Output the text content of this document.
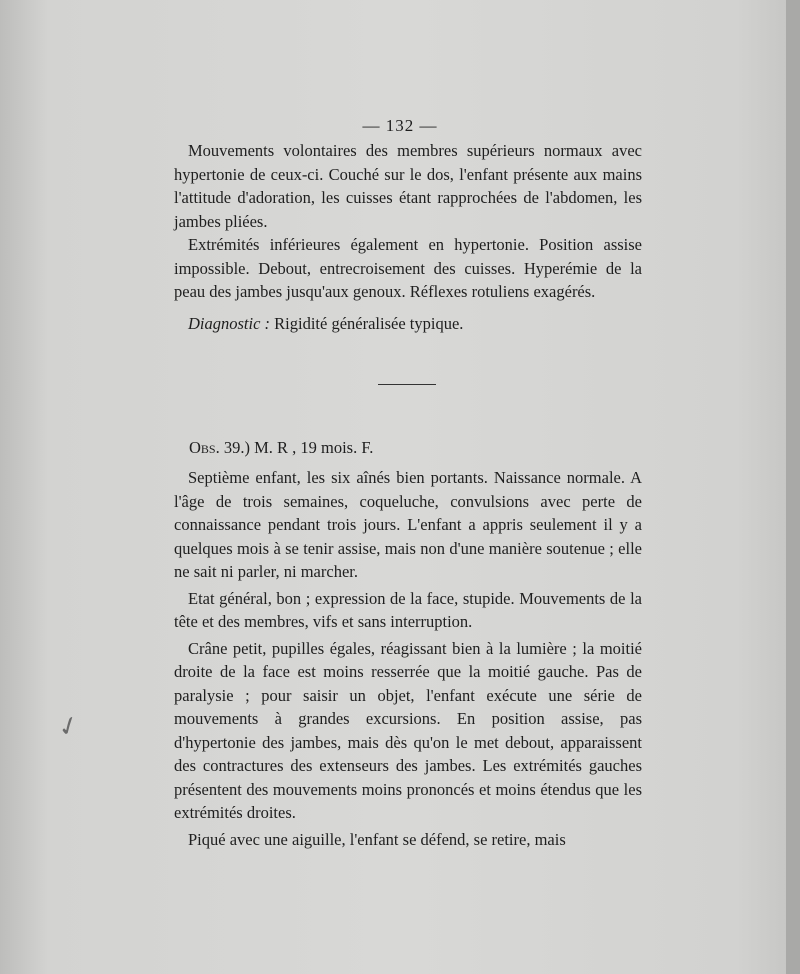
— 132 —

Mouvements volontaires des membres supérieurs normaux avec hypertonie de ceux-ci. Couché sur le dos, l'enfant présente aux mains l'attitude d'adoration, les cuisses étant rapprochées de l'abdomen, les jambes pliées.

Extrémités inférieures également en hypertonie. Position assise impossible. Debout, entrecroisement des cuisses. Hyperémie de la peau des jambes jusqu'aux genoux. Réflexes rotuliens exagérés.

Diagnostic : Rigidité généralisée typique.

Obs. 39.) M. R , 19 mois. F.

Septième enfant, les six aînés bien portants. Naissance normale. A l'âge de trois semaines, coqueluche, convulsions avec perte de connaissance pendant trois jours. L'enfant a appris seulement il y a quelques mois à se tenir assise, mais non d'une manière soutenue ; elle ne sait ni parler, ni marcher.

Etat général, bon ; expression de la face, stupide. Mouvements de la tête et des membres, vifs et sans interruption.

Crâne petit, pupilles égales, réagissant bien à la lumière ; la moitié droite de la face est moins resserrée que la moitié gauche. Pas de paralysie ; pour saisir un objet, l'enfant exécute une série de mouvements à grandes excursions. En position assise, pas d'hypertonie des jambes, mais dès qu'on le met debout, apparaissent des contractures des extenseurs des jambes. Les extrémités gauches présentent des mouvements moins prononcés et moins étendus que les extrémités droites.

Piqué avec une aiguille, l'enfant se défend, se retire, mais

✓
